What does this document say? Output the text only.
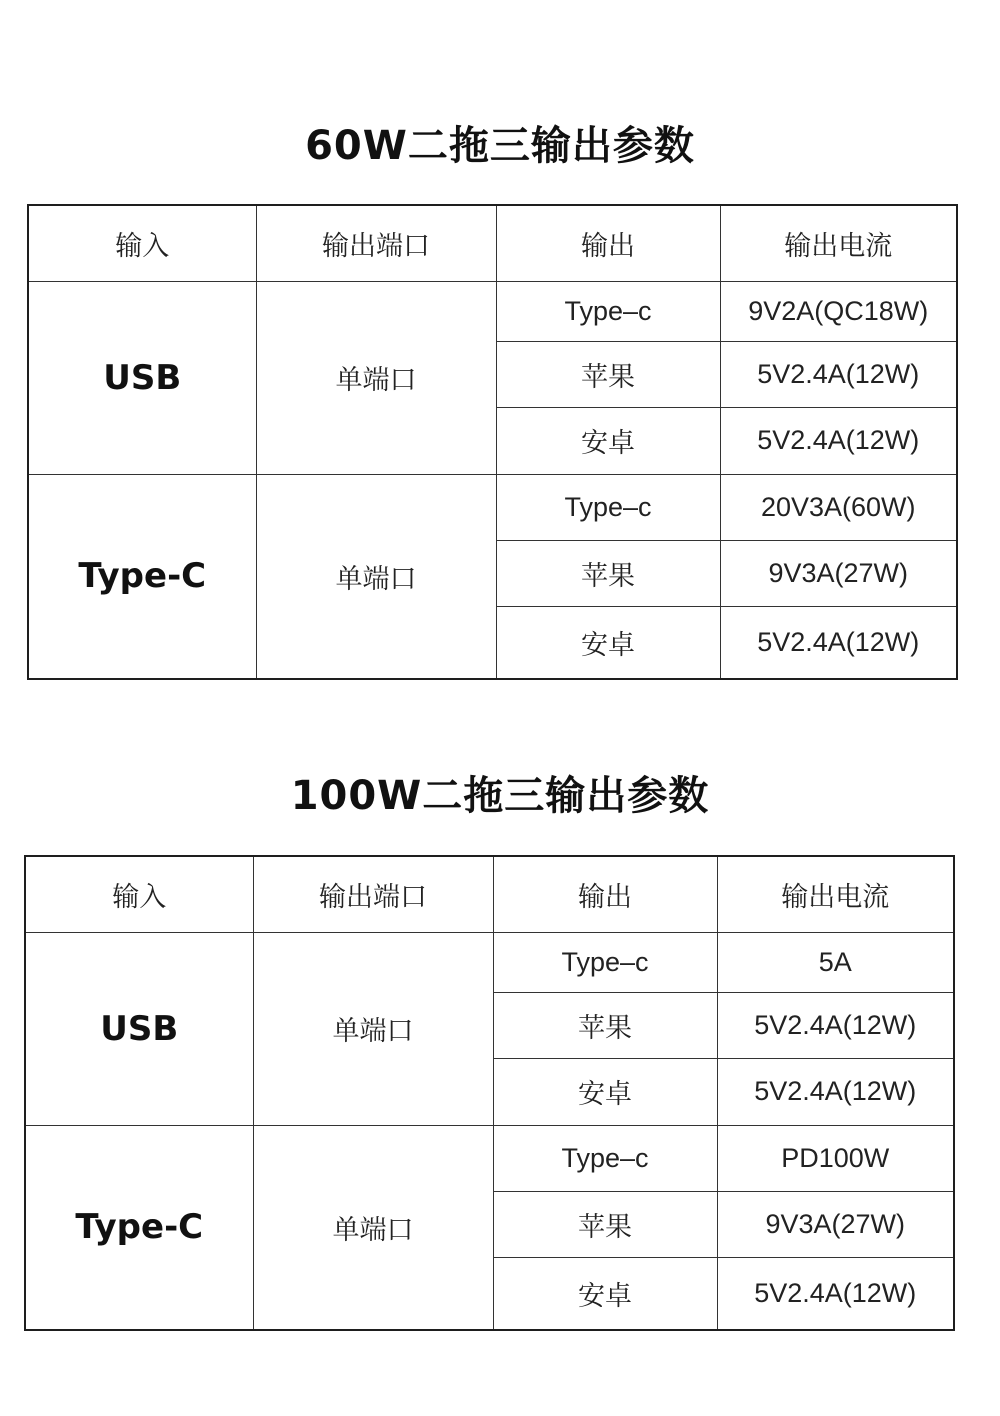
60W二拖三输出参数
输入	输出端口	输出	输出电流
USB	单端口	Type–c	9V2A(QC18W)
		苹果	5V2.4A(12W)
		安卓	5V2.4A(12W)
Type-C	单端口	Type–c	20V3A(60W)
		苹果	9V3A(27W)
		安卓	5V2.4A(12W)
100W二拖三输出参数
输入	输出端口	输出	输出电流
USB	单端口	Type–c	5A
		苹果	5V2.4A(12W)
		安卓	5V2.4A(12W)
Type-C	单端口	Type–c	PD100W
		苹果	9V3A(27W)
		安卓	5V2.4A(12W)
